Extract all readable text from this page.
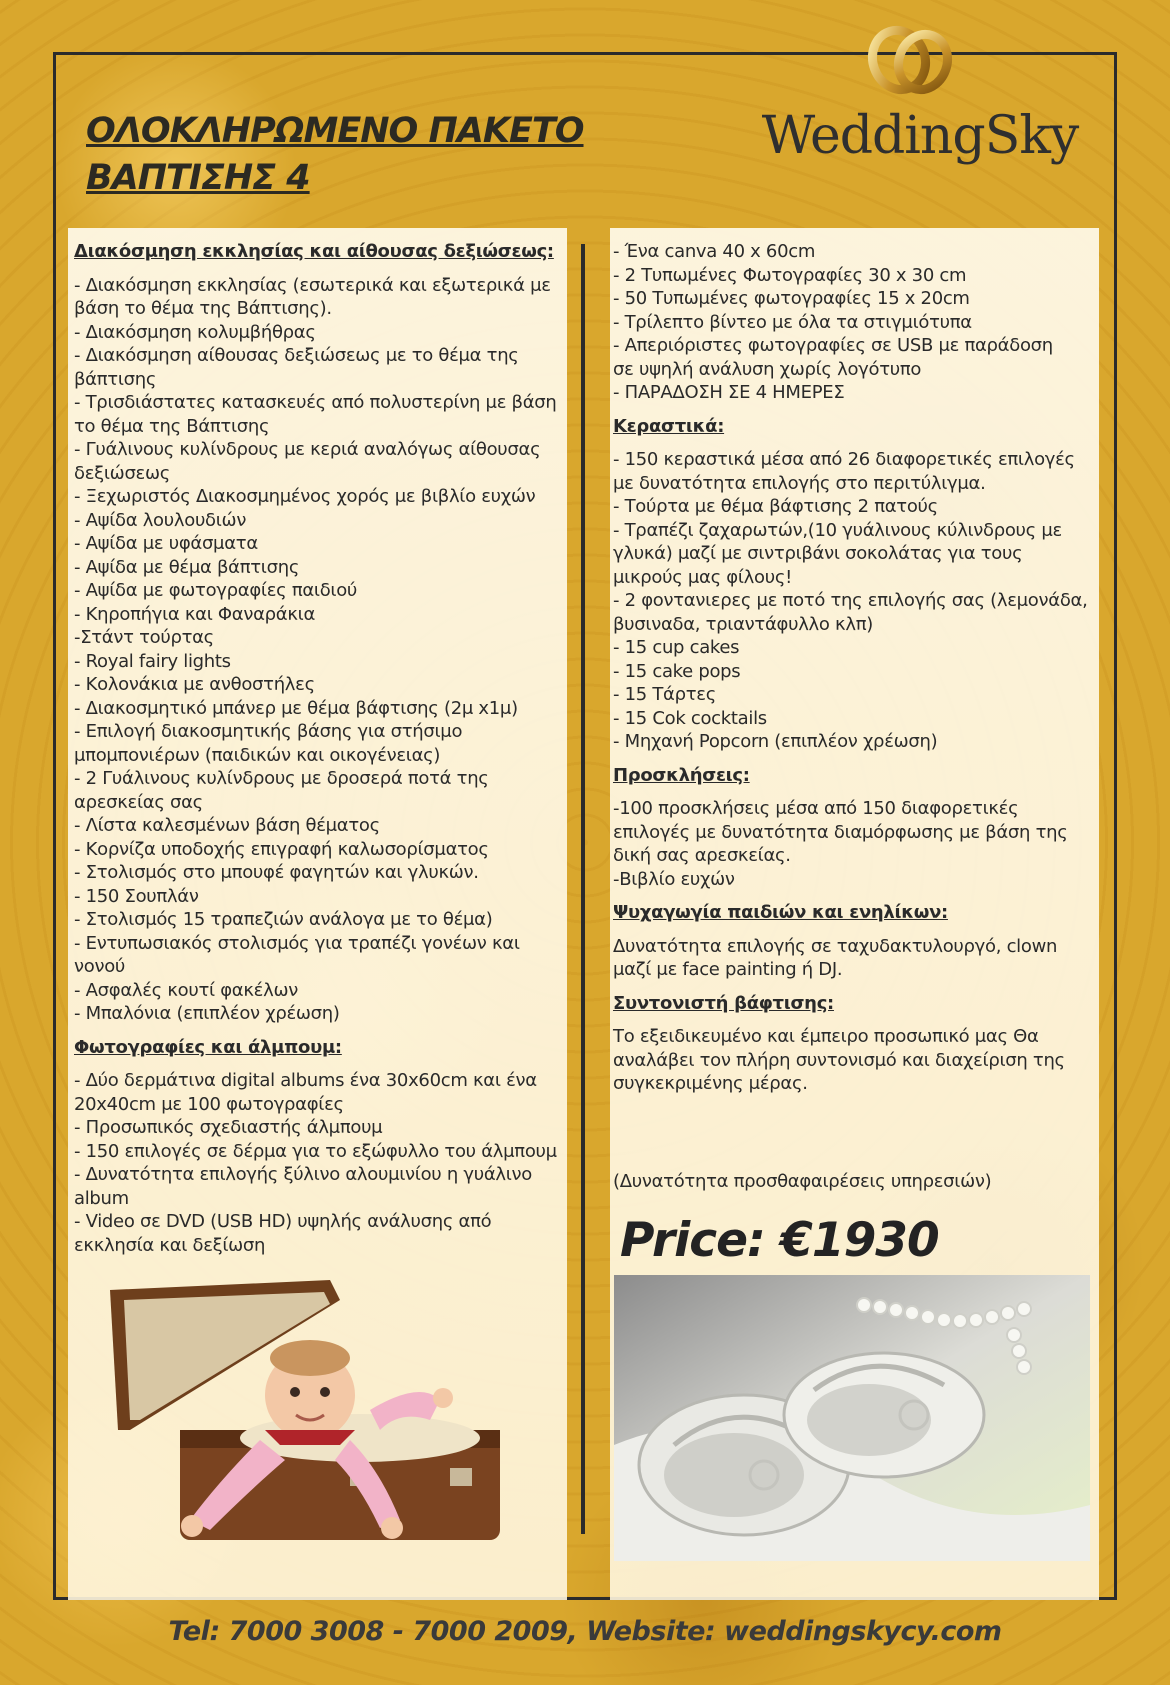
ΟΛΟΚΛΗΡΩΜΕΝΟ ΠΑΚΕΤΟ
ΒΑΠΤΙΣΗΣ 4
WeddingSky
Διακόσμηση εκκλησίας και αίθουσας δεξιώσεως:
- Διακόσμηση εκκλησίας (εσωτερικά και εξωτερικά με
βάση το θέμα της Βάπτισης).
- Διακόσμηση κολυμβήθρας
- Διακόσμηση αίθουσας δεξιώσεως με το θέμα της
βάπτισης
- Τρισδιάστατες κατασκευές από πολυστερίνη με βάση
το θέμα της Βάπτισης
- Γυάλινους κυλίνδρους με κεριά αναλόγως αίθουσας
δεξιώσεως
- Ξεχωριστός Διακοσμημένος χορός με βιβλίο ευχών
- Αψίδα λουλουδιών
- Αψίδα με υφάσματα
- Αψίδα με θέμα βάπτισης
- Αψίδα με φωτογραφίες παιδιού
- Κηροπήγια και Φαναράκια
-Στάντ τούρτας
- Royal fairy lights
- Κολονάκια με ανθοστήλες
- Διακοσμητικό μπάνερ με θέμα βάφτισης (2μ x1μ)
- Επιλογή διακοσμητικής βάσης για στήσιμο
μπομπονιέρων (παιδικών και οικογένειας)
- 2 Γυάλινους κυλίνδρους με δροσερά ποτά της
αρεσκείας σας
- Λίστα καλεσμένων βάση θέματος
- Κορνίζα υποδοχής επιγραφή καλωσορίσματος
- Στολισμός στο μπουφέ φαγητών και γλυκών.
- 150 Σουπλάν
- Στολισμός 15 τραπεζιών ανάλογα με το θέμα)
- Εντυπωσιακός στολισμός για τραπέζι γονέων και
νονού
- Ασφαλές κουτί φακέλων
- Μπαλόνια (επιπλέον χρέωση)
Φωτογραφίες και άλμπουμ:
- Δύο δερμάτινα digital albums ένα 30x60cm και ένα
20x40cm με 100 φωτογραφίες
- Προσωπικός σχεδιαστής άλμπουμ
- 150 επιλογές σε δέρμα για το εξώφυλλο του άλμπουμ
- Δυνατότητα επιλογής ξύλινο αλουμινίου η γυάλινο
album
- Video σε DVD (USB HD) υψηλής ανάλυσης από
εκκλησία και δεξίωση
- Ένα canva 40 x 60cm
- 2 Τυπωμένες Φωτογραφίες 30 x 30 cm
- 50 Τυπωμένες φωτογραφίες 15 x 20cm
- Τρίλεπτο βίντεο με όλα τα στιγμιότυπα
- Απεριόριστες φωτογραφίες σε USB με παράδοση
σε υψηλή ανάλυση χωρίς λογότυπο
- ΠΑΡΑΔΟΣΗ ΣΕ 4 ΗΜΕΡΕΣ
Κεραστικά:
- 150 κεραστικά μέσα από 26 διαφορετικές επιλογές
με δυνατότητα επιλογής στο περιτύλιγμα.
- Τούρτα με θέμα βάφτισης 2 πατούς
- Τραπέζι ζαχαρωτών,(10 γυάλινους κύλινδρους με
γλυκά) μαζί με σιντριβάνι σοκολάτας για τους
μικρούς μας φίλους!
- 2 φοντανιερες με ποτό της επιλογής σας (λεμονάδα,
βυσιναδα, τριαντάφυλλο κλπ)
- 15 cup cakes
- 15 cake pops
- 15 Τάρτες
- 15 Cok cocktails
- Μηχανή Popcorn (επιπλέον χρέωση)
Προσκλήσεις:
-100 προσκλήσεις μέσα από 150 διαφορετικές
επιλογές με δυνατότητα διαμόρφωσης με βάση της
δική σας αρεσκείας.
-Βιβλίο ευχών
Ψυχαγωγία παιδιών και ενηλίκων:
Δυνατότητα επιλογής σε ταχυδακτυλουργό, clown
μαζί με face painting ή DJ.
Συντονιστή βάφτισης:
Το εξειδικευμένο και έμπειρο προσωπικό μας Θα
αναλάβει τον πλήρη συντονισμό και διαχείριση της
συγκεκριμένης μέρας.
(Δυνατότητα προσθαφαιρέσεις υπηρεσιών)
Price: €1930
Tel: 7000 3008 - 7000 2009, Website: weddingskycy.com
